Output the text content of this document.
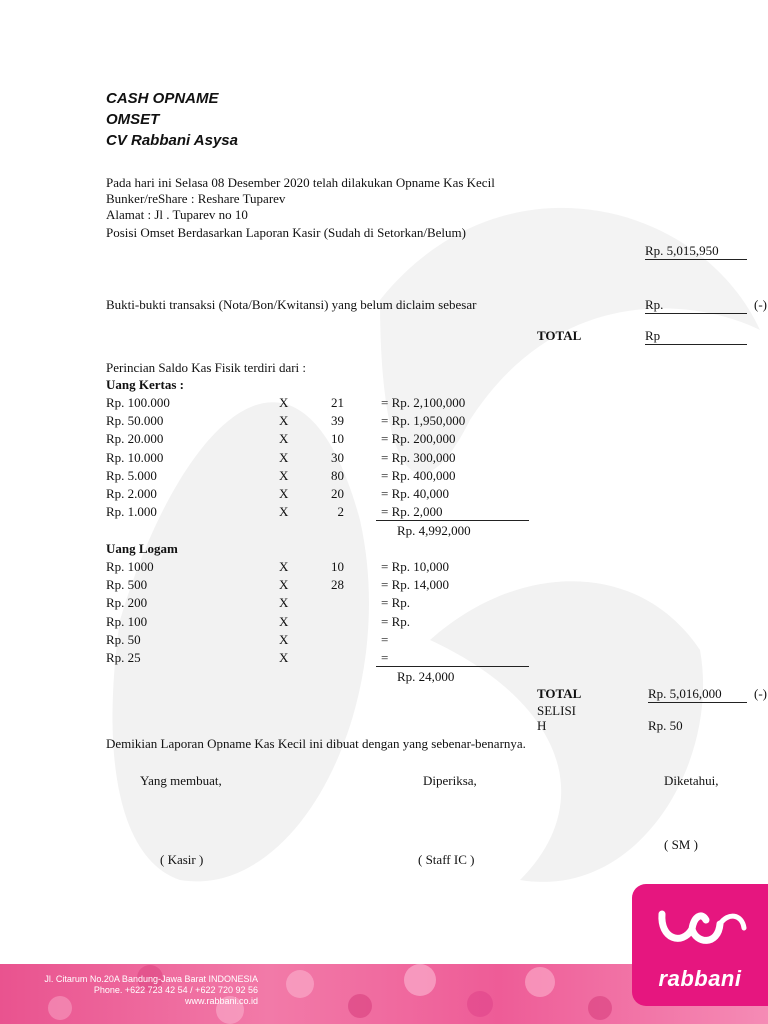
CASH OPNAME
OMSET
CV Rabbani Asysa
Pada hari ini Selasa 08 Desember 2020 telah dilakukan Opname Kas Kecil
Bunker/reShare : Reshare Tuparev
Alamat : Jl . Tuparev no 10
Posisi Omset Berdasarkan Laporan Kasir (Sudah di Setorkan/Belum)
Rp. 5,015,950
Bukti-bukti transaksi (Nota/Bon/Kwitansi) yang belum diclaim sebesar	Rp.	(-)
TOTAL	Rp
Perincian Saldo Kas Fisik terdiri dari :
Uang Kertas :
Rp. 100.000	X	21	= Rp. 2,100,000
Rp. 50.000	X	39	= Rp. 1,950,000
Rp. 20.000	X	10	= Rp. 200,000
Rp. 10.000	X	30	= Rp. 300,000
Rp. 5.000	X	80	= Rp. 400,000
Rp. 2.000	X	20	= Rp. 40,000
Rp. 1.000	X	2	= Rp. 2,000
Rp. 4,992,000
Uang Logam
Rp. 1000	X	10	= Rp. 10,000
Rp. 500	X	28	= Rp. 14,000
Rp. 200	X	= Rp.
Rp. 100	X	= Rp.
Rp. 50	X	=
Rp. 25	X	=
Rp. 24,000
TOTAL	Rp. 5,016,000	(-)
SELISI
H	Rp. 50
Demikian Laporan Opname Kas Kecil ini dibuat dengan yang sebenar-benarnya.
Yang membuat,	Diperiksa,	Diketahui,
( SM )
( Kasir )	( Staff IC )
Jl. Citarum No.20A Bandung-Jawa Barat INDONESIA
Phone. +622 723 42 54 / +622 720 92 56
www.rabbani.co.id
rabbani
